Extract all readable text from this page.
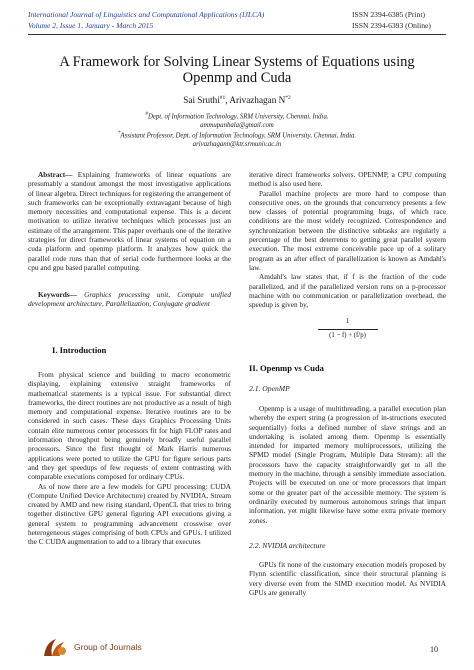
International Journal of Linguistics and Computational Applications (IJLCA)
Volume 2, Issue 1, January - March 2015
ISSN 2394-6385 (Print)
ISSN 2394-6393 (Online)
A Framework for Solving Linear Systems of Equations using
Openmp and Cuda
Sai Sruthi$^{\#1}$, Arivazhagan $N^{*2}$
#Dept. of Information Technology, SRM University, Chennai, India.
ammupanbala@gmail.com
*Assistant Professor, Dept. of Information Technology, SRM University, Chennai, India.
arivazhagann@ktr.srmuniv.ac.in

Abstract— Explaining frameworks of linear equations are presumably a standout amongst the most investigative applications of linear algebra. Direct techniques for registering the arrangement of such frameworks can be exceptionally extravagant because of high memory necessities and computational expense. This is a decent motivation to utilize iterative techniques which processes just an estimate of the arrangement. This paper overhauls one of the iterative strategies for direct frameworks of linear systems of equation on a cuda platform and openmp platform. It analyzes how quick the parallel code runs than that of serial code furthermore looks at the cpu and gpu based parallel computing.

Keywords— Graphics processing unit, Compute unified development architecture, Parallelization, Conjugate gradient

I. Introduction

From physical science and building to macro econometric displaying, explaining extensive straight frameworks of mathematical statements is a typical issue. For substantial direct frameworks, the direct routines are not productive as a result of high memory and computational expense. Iterative routines are to be considered in such cases. These days Graphics Processing Units contain elite numerous center processors fit for high FLOP rates and information throughput being genuinely broadly useful parallel processors. Since the first thought of Mark Harris numerous applications were ported to utilize the GPU for figure serious parts and they get speedups of few requests of extent contrasting with comparable executions composed for ordinary CPUs.

As of now there are a few models for GPU processing: CUDA (Compute Unified Device Architecture) created by NVIDIA, Stream created by AMD and new rising standard, OpenCL that tries to bring together distinctive GPU general figuring API executions giving a general system to programming advancement crosswise over heterogeneous stages comprising of both CPUs and GPUs. I utilized the C CUDA augmentation to add to a library that executes

iterative direct frameworks solvers. OPENMP, a CPU computing method is also used here.

Parallel machine projects are more hard to compose than consecutive ones, on the grounds that concurrency presents a few new classes of potential programming bugs, of which race conditions are the most widely recognized. Correspondence and synchronization between the distinctive subtasks are regularly a percentage of the best deterrents to getting great parallel system execution. The most extreme conceivable pace up of a solitary program as an after effect of parallelization is known as Amdahl's law.

Amdahl's law states that, if f is the fraction of the code parallelized, and if the parallelized version runs on a p-processor machine with no communication or parallelization overhead, the speedup is given by,

1
(1 − f) + (f/p)
II. Openmp vs Cuda
2.1. OpenMP

Openmp is a usage of multithreading, a parallel execution plan whereby the expert string (a progression of in-structions executed sequentially) forks a defined number of slave strings and an undertaking is isolated among them. Openmp is essentially intended for imparted memory multiprocessors, utilizing the SPMD model (Single Program, Multiple Data Stream): all the processors have the capacity straightforwardly get to all the memory in the machine, through a sensibly immediate association. Projects will be executed on one or more processors that impart some or the greater part of the accessible memory. The system is ordinarily executed by numerous autonomous strings that impart information, yet might likewise have some extra private memory zones.

2.2. NVIDIA architecture

GPUs fit none of the customary execution models proposed by Flynn scientific classification, since their structural planning is very diverse even from the SIMD execution model. As NVIDIA GPUs are generally

Group of Journals	10
